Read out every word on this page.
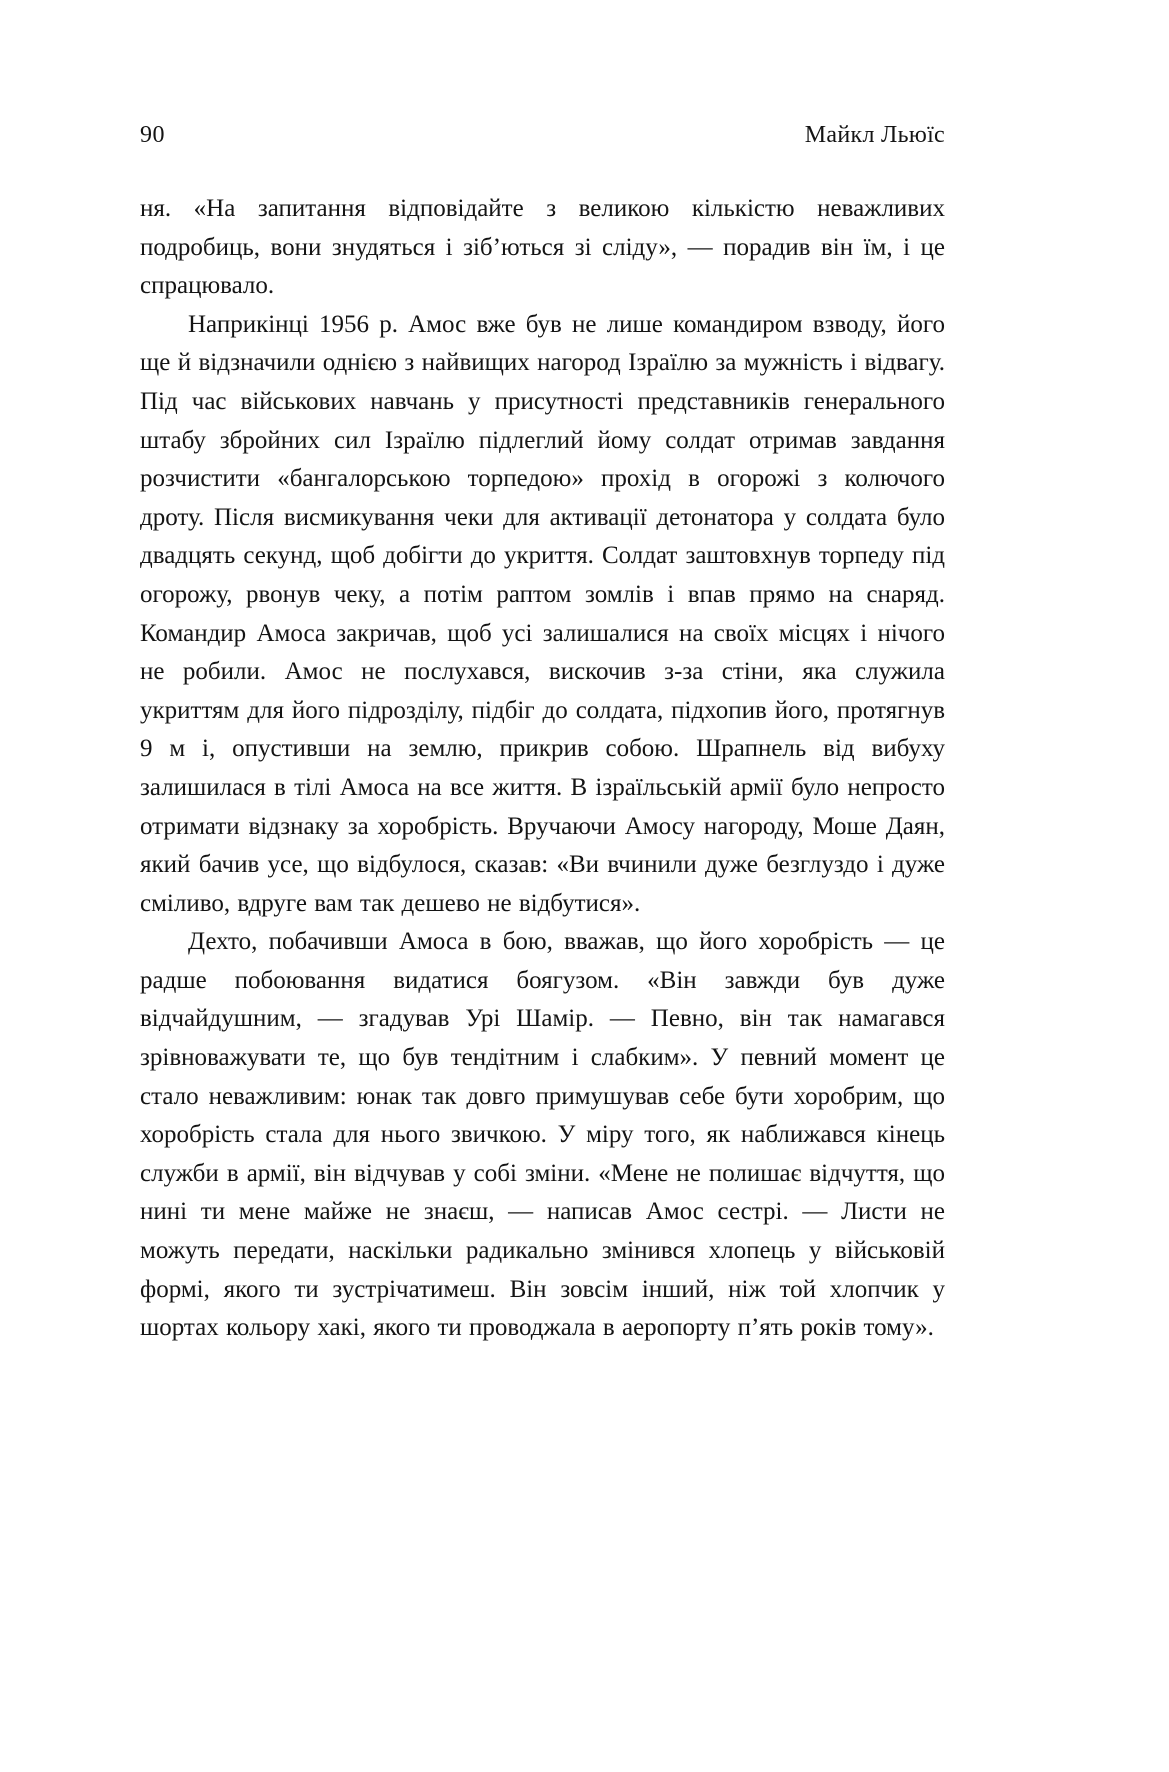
90	Майкл Льюїс

ня. «На запитання відповідайте з великою кількістю неважливих подробиць, вони знудяться і зіб’ються зі сліду», — порадив він їм, і це спрацювало.

Наприкінці 1956 р. Амос вже був не лише командиром взводу, його ще й відзначили однією з найвищих нагород Ізраїлю за мужність і відвагу. Під час військових навчань у присутності представників генерального штабу збройних сил Ізраїлю підлеглий йому солдат отримав завдання розчистити «бангалорською торпедою» прохід в огорожі з колючого дроту. Після висмикування чеки для активації детонатора у солдата було двадцять секунд, щоб добігти до укриття. Солдат заштовхнув торпеду під огорожу, рвонув чеку, а потім раптом зомлів і впав прямо на снаряд. Командир Амоса закричав, щоб усі залишалися на своїх місцях і нічого не робили. Амос не послухався, вискочив з-за стіни, яка служила укриттям для його підрозділу, підбіг до солдата, підхопив його, протягнув 9 м і, опустивши на землю, прикрив собою. Шрапнель від вибуху залишилася в тілі Амоса на все життя. В ізраїльській армії було непросто отримати відзнаку за хоробрість. Вручаючи Амосу нагороду, Моше Даян, який бачив усе, що відбулося, сказав: «Ви вчинили дуже безглуздо і дуже сміливо, вдруге вам так дешево не відбутися».

Дехто, побачивши Амоса в бою, вважав, що його хоробрість — це радше побоювання видатися боягузом. «Він завжди був дуже відчайдушним, — згадував Урі Шамір. — Певно, він так намагався зрівноважувати те, що був тендітним і слабким». У певний момент це стало неважливим: юнак так довго примушував себе бути хоробрим, що хоробрість стала для нього звичкою. У міру того, як наближався кінець служби в армії, він відчував у собі зміни. «Мене не полишає відчуття, що нині ти мене майже не знаєш, — написав Амос сестрі. — Листи не можуть передати, наскільки радикально змінився хлопець у військовій формі, якого ти зустрічатимеш. Він зовсім інший, ніж той хлопчик у шортах кольору хакі, якого ти проводжала в аеропорту п’ять років тому».
